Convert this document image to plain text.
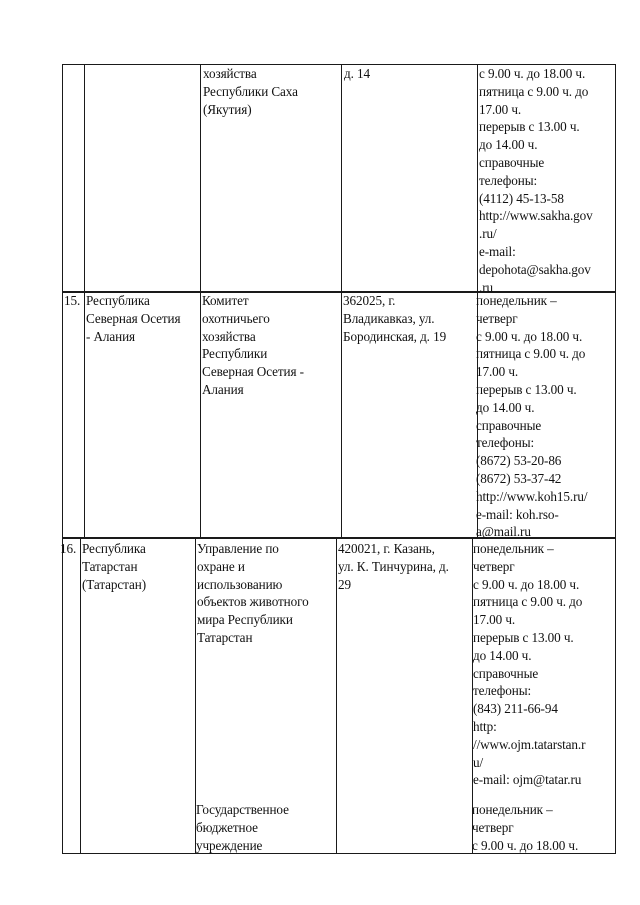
хозяйства
Республики Саха
(Якутия)
д. 14	с 9.00 ч. до 18.00 ч.
пятница с 9.00 ч. до
17.00 ч.
перерыв с 13.00 ч.
до 14.00 ч.
справочные
телефоны:
(4112) 45-13-58
http://www.sakha.gov
.ru/
e-mail:
depohota@sakha.gov
.ru
15. Республика
Северная Осетия
- Алания
Комитет
охотничьего
хозяйства
Республики
Северная Осетия -
Алания
362025, г.
Владикавказ, ул.
Бородинская, д. 19
понедельник –
четверг
с 9.00 ч. до 18.00 ч.
пятница с 9.00 ч. до
17.00 ч.
перерыв с 13.00 ч.
до 14.00 ч.
справочные
телефоны:
(8672) 53-20-86
(8672) 53-37-42
http://www.koh15.ru/
e-mail: koh.rso-
a@mail.ru
16. Республика
Татарстан
(Татарстан)
Управление по
охране и
использованию
объектов животного
мира Республики
Татарстан
420021, г. Казань,
ул. К. Тинчурина, д.
29
понедельник –
четверг
с 9.00 ч. до 18.00 ч.
пятница с 9.00 ч. до
17.00 ч.
перерыв с 13.00 ч.
до 14.00 ч.
справочные
телефоны:
(843) 211-66-94
http:
//www.ojm.tatarstan.r
u/
e-mail: ojm@tatar.ru
Государственное
бюджетное
учреждение
понедельник –
четверг
с 9.00 ч. до 18.00 ч.
